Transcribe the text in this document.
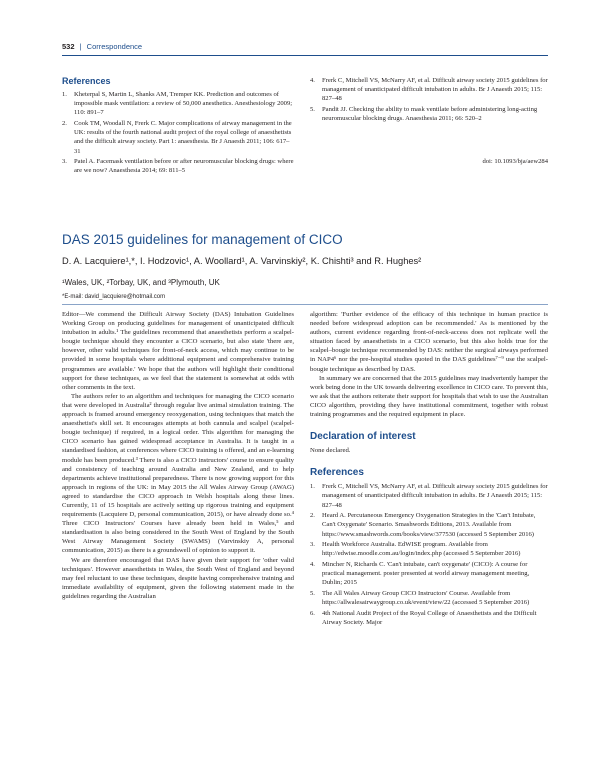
532 | Correspondence
References
1. Kheterpal S, Martin L, Shanks AM, Tremper KK. Prediction and outcomes of impossible mask ventilation: a review of 50,000 anesthetics. Anesthesiology 2009; 110: 891–7
2. Cook TM, Woodall N, Frerk C. Major complications of airway management in the UK: results of the fourth national audit project of the royal college of anaesthetists and the difficult airway society. Part 1: anaesthesia. Br J Anaesth 2011; 106: 617–31
3. Patel A. Facemask ventilation before or after neuromuscular blocking drugs: where are we now? Anaesthesia 2014; 69: 811–5
4. Frerk C, Mitchell VS, McNarry AF, et al. Difficult airway society 2015 guidelines for management of unanticipated difficult intubation in adults. Br J Anaesth 2015; 115: 827–48
5. Pandit JJ. Checking the ability to mask ventilate before administering long-acting neuromuscular blocking drugs. Anaesthesia 2011; 66: 520–2
doi: 10.1093/bja/aew284
DAS 2015 guidelines for management of CICO
D. A. Lacquiere¹,*, I. Hodzovic¹, A. Woollard¹, A. Varvinskiy², K. Chishti³ and R. Hughes²
¹Wales, UK, ²Torbay, UK, and ³Plymouth, UK
*E-mail: david_lacquiere@hotmail.com

Editor—We commend the Difficult Airway Society (DAS) Intubation Guidelines Working Group on producing guidelines for management of unanticipated difficult intubation in adults.¹ The guidelines recommend that anaesthetists perform a scalpel-bougie technique should they encounter a CICO scenario, but also state 'there are, however, other valid techniques for front-of-neck access, which may continue to be provided in some hospitals where additional equipment and comprehensive training programmes are available.' We hope that the authors will highlight their conditional support for these techniques, as we feel that the statement is somewhat at odds with other comments in the text.

The authors refer to an algorithm and techniques for managing the CICO scenario that were developed in Australia² through regular live animal simulation training. The approach is framed around emergency reoxygenation, using techniques that match the anaesthetist's skill set. It encourages attempts at both cannula and scalpel (scalpel-bougie technique) if required, in a logical order. This algorithm for managing the CICO scenario has gained widespread acceptance in Australia. It is taught in a standardised fashion, at conferences where CICO training is offered, and an e-learning module has been produced.³ There is also a CICO instructors' course to ensure quality and consistency of teaching around Australia and New Zealand, and to help departments achieve institutional preparedness. There is now growing support for this approach in regions of the UK: in May 2015 the All Wales Airway Group (AWAG) agreed to standardise the CICO approach in Welsh hospitals along these lines. Currently, 11 of 15 hospitals are actively setting up rigorous training and equipment requirements (Lacquiere D, personal communication, 2015), or have already done so.⁴ Three CICO Instructors' Courses have already been held in Wales,⁵ and standardisation is also being considered in the South West of England by the South West Airway Management Society (SWAMS) (Varvinskiy A, personal communication, 2015) as there is a groundswell of opinion to support it.

We are therefore encouraged that DAS have given their support for 'other valid techniques'. However anaesthetists in Wales, the South West of England and beyond may feel reluctant to use these techniques, despite having comprehensive training and immediate availability of equipment, given the following statement made in the guidelines regarding the Australian

algorithm: 'Further evidence of the efficacy of this technique in human practice is needed before widespread adoption can be recommended.' As is mentioned by the authors, current evidence regarding front-of-neck-access does not replicate well the situation faced by anaesthetists in a CICO scenario, but this also holds true for the scalpel–bougie technique recommended by DAS: neither the surgical airways performed in NAP4⁶ nor the pre-hospital studies quoted in the DAS guidelines⁷⁻⁹ use the scalpel-bougie technique as described by DAS.

In summary we are concerned that the 2015 guidelines may inadvertently hamper the work being done in the UK towards delivering excellence in CICO care. To prevent this, we ask that the authors reiterate their support for hospitals that wish to use the Australian CICO algorithm, providing they have institutional commitment, together with robust training programmes and the required equipment in place.

Declaration of interest
None declared.
References
1. Frerk C, Mitchell VS, McNarry AF, et al. Difficult airway society 2015 guidelines for management of unanticipated difficult intubation in adults. Br J Anaesth 2015; 115: 827–48
2. Heard A. Percutaneous Emergency Oxygenation Strategies in the 'Can't Intubate, Can't Oxygenate' Scenario. Smashwords Editions, 2013. Available from https://www.smashwords.com/books/view/377530 (accessed 5 September 2016)
3. Health Workforce Australia. EdWISE program. Available from http://edwise.moodle.com.au/login/index.php (accessed 5 September 2016)
4. Mincher N, Richards C. 'Can't intubate, can't oxygenate' (CICO): A course for practical management. poster presented at world airway management meeting, Dublin; 2015
5. The All Wales Airway Group CICO Instructors' Course. Available from https://allwalesairwaygroup.co.uk/event/view/22 (accessed 5 September 2016)
6. 4th National Audit Project of the Royal College of Anaesthetists and the Difficult Airway Society. Major
